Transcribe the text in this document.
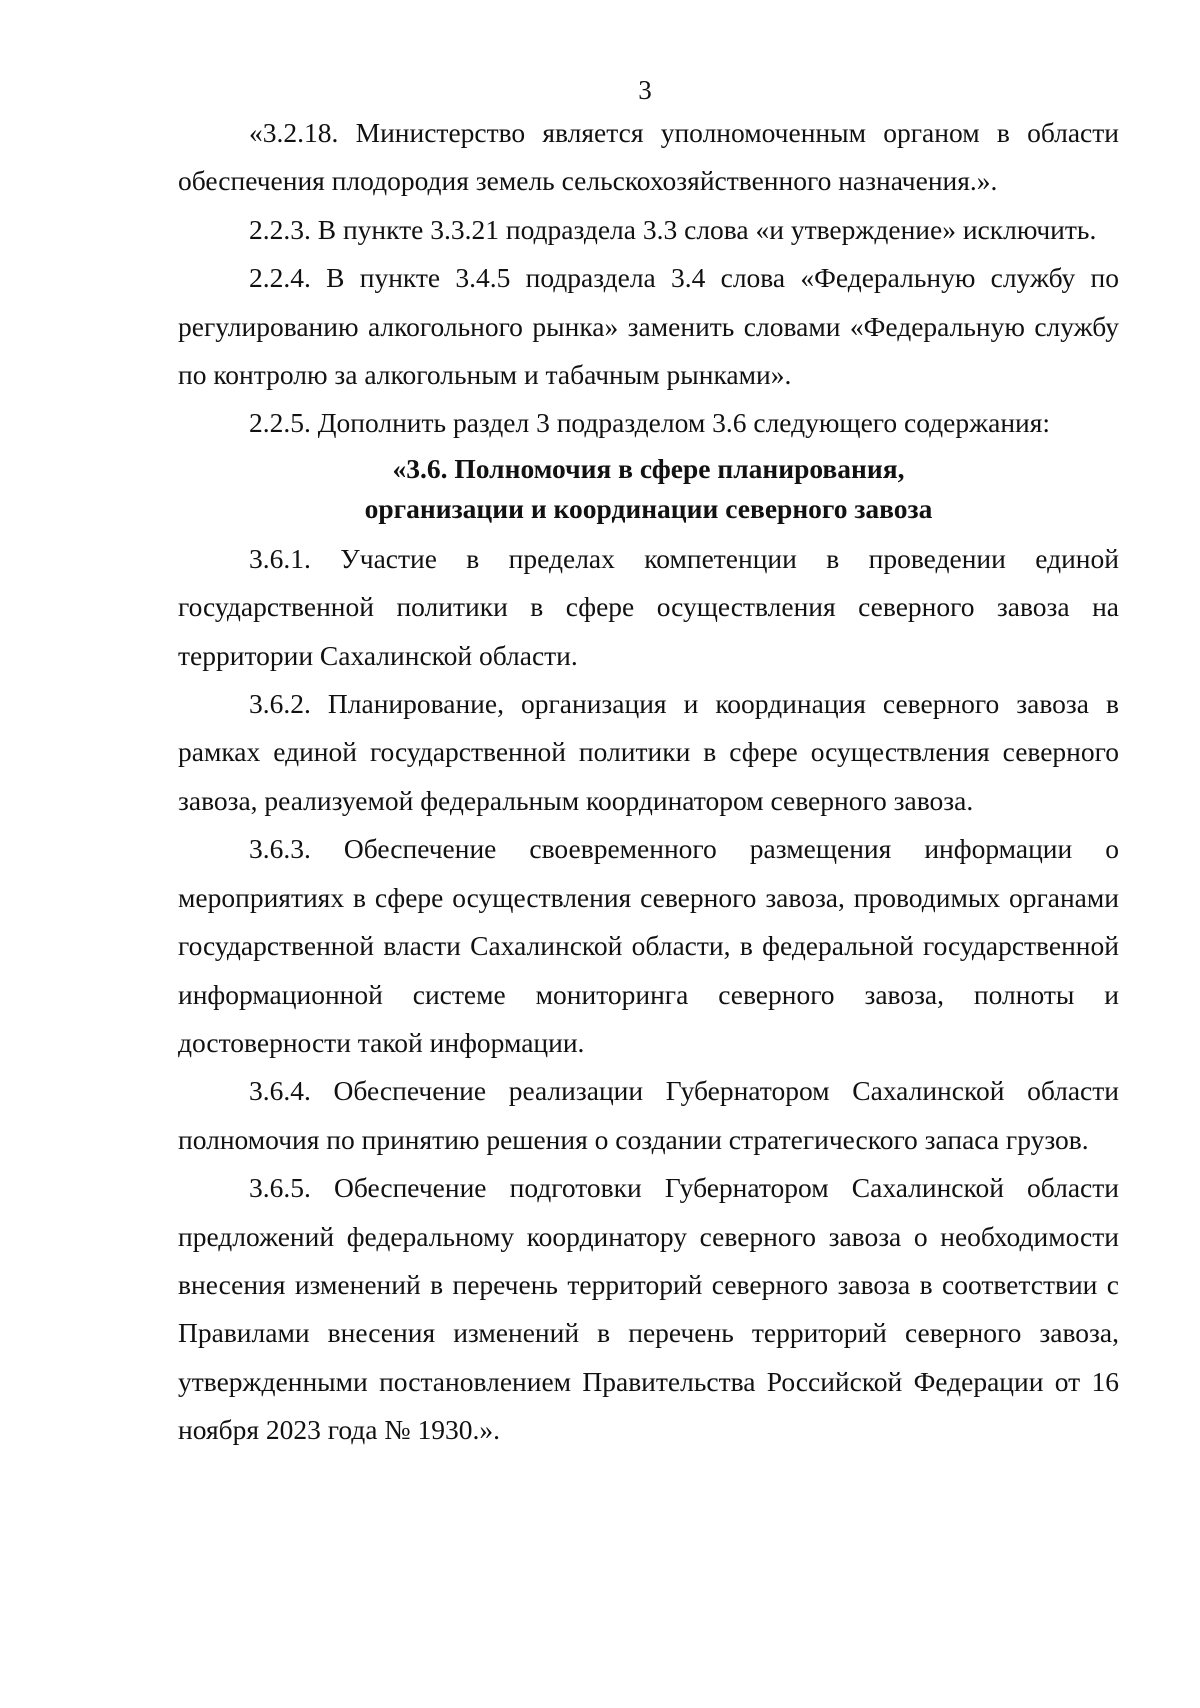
3

«3.2.18. Министерство является уполномоченным органом в области обеспечения плодородия земель сельскохозяйственного назначения.».

2.2.3. В пункте 3.3.21 подраздела 3.3 слова «и утверждение» исключить.

2.2.4. В пункте 3.4.5 подраздела 3.4 слова «Федеральную службу по регулированию алкогольного рынка» заменить словами «Федеральную службу по контролю за алкогольным и табачным рынками».

2.2.5. Дополнить раздел 3 подразделом 3.6 следующего содержания:

«3.6. Полномочия в сфере планирования,
организации и координации северного завоза

3.6.1. Участие в пределах компетенции в проведении единой государственной политики в сфере осуществления северного завоза на территории Сахалинской области.

3.6.2. Планирование, организация и координация северного завоза в рамках единой государственной политики в сфере осуществления северного завоза, реализуемой федеральным координатором северного завоза.

3.6.3. Обеспечение своевременного размещения информации о мероприятиях в сфере осуществления северного завоза, проводимых органами государственной власти Сахалинской области, в федеральной государственной информационной системе мониторинга северного завоза, полноты и достоверности такой информации.

3.6.4. Обеспечение реализации Губернатором Сахалинской области полномочия по принятию решения о создании стратегического запаса грузов.

3.6.5. Обеспечение подготовки Губернатором Сахалинской области предложений федеральному координатору северного завоза о необходимости внесения изменений в перечень территорий северного завоза в соответствии с Правилами внесения изменений в перечень территорий северного завоза, утвержденными постановлением Правительства Российской Федерации от 16 ноября 2023 года № 1930.».
